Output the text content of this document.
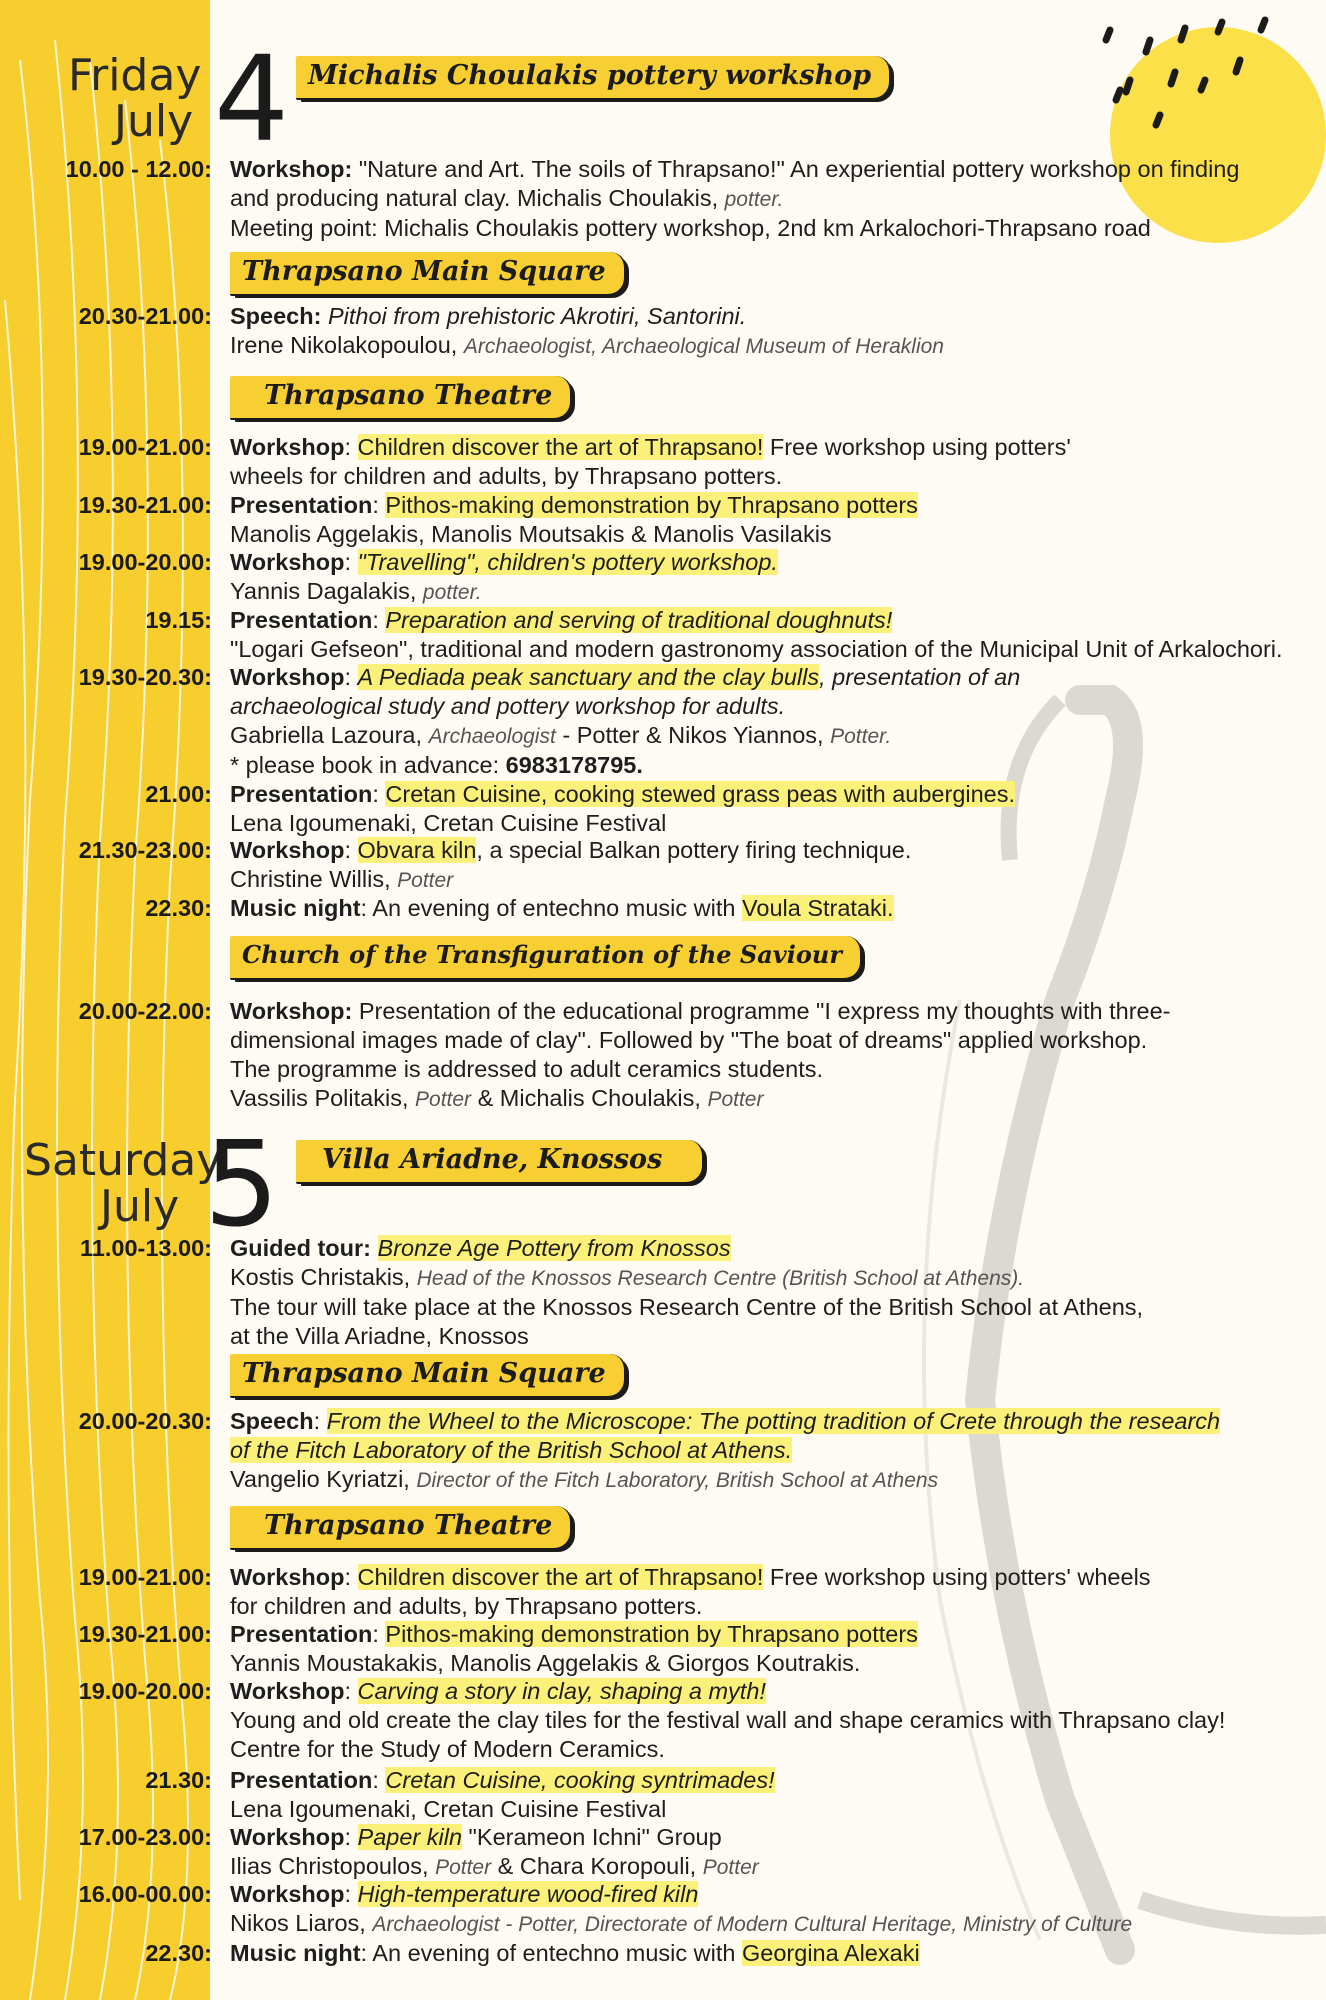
Friday
July 4 Michalis Choulakis pottery workshop
10.00 - 12.00: Workshop: "Nature and Art. The soils of Thrapsano!" An experiential pottery workshop on finding
and producing natural clay. Michalis Choulakis, potter.
Meeting point: Michalis Choulakis pottery workshop, 2nd km Arkalochori-Thrapsano road
Thrapsano Main Square
20.30-21.00: Speech: Pithoi from prehistoric Akrotiri, Santorini.
Irene Nikolakopoulou, Archaeologist, Archaeological Museum of Heraklion
Thrapsano Theatre
19.00-21.00: Workshop: Children discover the art of Thrapsano! Free workshop using potters'
wheels for children and adults, by Thrapsano potters.
19.30-21.00: Presentation: Pithos-making demonstration by Thrapsano potters
Manolis Aggelakis, Manolis Moutsakis & Manolis Vasilakis
19.00-20.00: Workshop: "Travelling", children's pottery workshop.
Yannis Dagalakis, potter.
19.15: Presentation: Preparation and serving of traditional doughnuts!
"Logari Gefseon", traditional and modern gastronomy association of the Municipal Unit of Arkalochori.
19.30-20.30: Workshop: A Pediada peak sanctuary and the clay bulls, presentation of an
archaeological study and pottery workshop for adults.
Gabriella Lazoura, Archaeologist - Potter & Nikos Yiannos, Potter.
* please book in advance: 6983178795.
21.00: Presentation: Cretan Cuisine, cooking stewed grass peas with aubergines.
Lena Igoumenaki, Cretan Cuisine Festival
21.30-23.00: Workshop: Obvara kiln, a special Balkan pottery firing technique.
Christine Willis, Potter
22.30: Music night: An evening of entechno music with Voula Strataki.
Church of the Transfiguration of the Saviour
20.00-22.00: Workshop: Presentation of the educational programme "I express my thoughts with three-
dimensional images made of clay". Followed by "The boat of dreams" applied workshop.
The programme is addressed to adult ceramics students.
Vassilis Politakis, Potter & Michalis Choulakis, Potter
Saturday
July 5	Villa Ariadne, Knossos
11.00-13.00: Guided tour: Bronze Age Pottery from Knossos
Kostis Christakis, Head of the Knossos Research Centre (British School at Athens).
The tour will take place at the Knossos Research Centre of the British School at Athens,
at the Villa Ariadne, Knossos
Thrapsano Main Square
20.00-20.30: Speech: From the Wheel to the Microscope: The potting tradition of Crete through the research
of the Fitch Laboratory of the British School at Athens.
Vangelio Kyriatzi, Director of the Fitch Laboratory, British School at Athens
Thrapsano Theatre
19.00-21.00: Workshop: Children discover the art of Thrapsano! Free workshop using potters' wheels
for children and adults, by Thrapsano potters.
19.30-21.00: Presentation: Pithos-making demonstration by Thrapsano potters
Yannis Moustakakis, Manolis Aggelakis & Giorgos Koutrakis.
19.00-20.00: Workshop: Carving a story in clay, shaping a myth!
Young and old create the clay tiles for the festival wall and shape ceramics with Thrapsano clay!
Centre for the Study of Modern Ceramics.
21.30: Presentation: Cretan Cuisine, cooking syntrimades!
Lena Igoumenaki, Cretan Cuisine Festival
17.00-23.00: Workshop: Paper kiln "Kerameon Ichni" Group
Ilias Christopoulos, Potter & Chara Koropouli, Potter
16.00-00.00: Workshop: High-temperature wood-fired kiln
Nikos Liaros, Archaeologist - Potter, Directorate of Modern Cultural Heritage, Ministry of Culture
22.30: Music night: An evening of entechno music with Georgina Alexaki
